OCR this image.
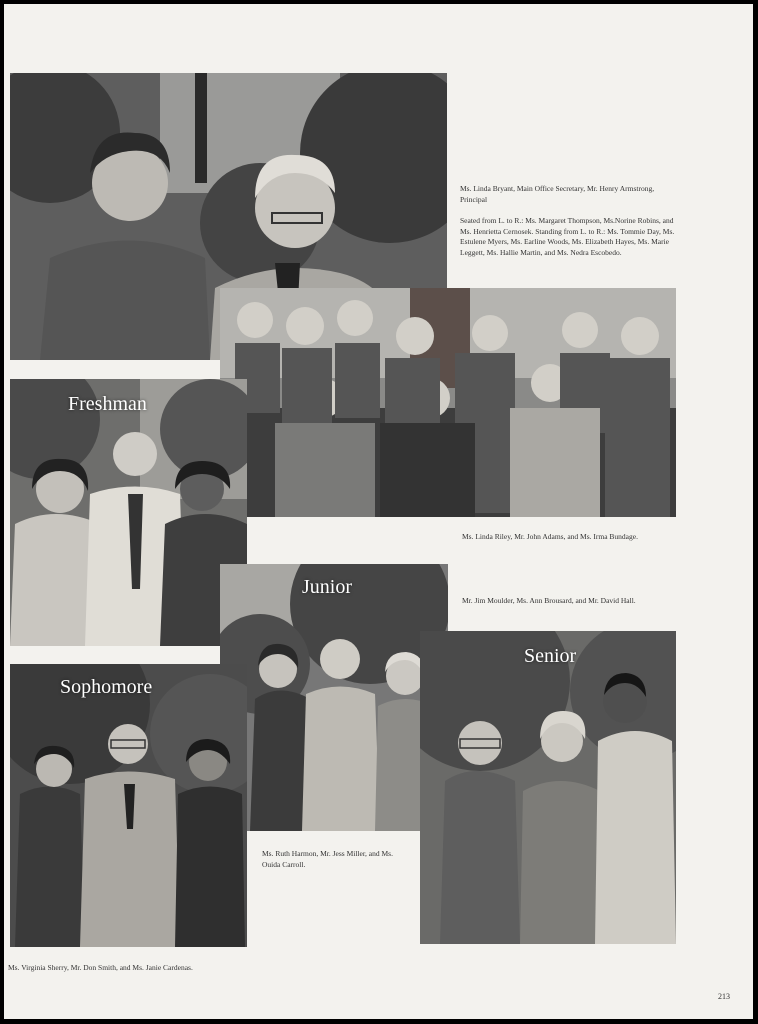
Freshman
Junior
Sophomore
Senior
Ms. Linda Bryant, Main Office Secretary, Mr. Henry Armstrong, Principal
Seated from L. to R.: Ms. Margaret Thompson, Ms.Norine Robins, and Ms. Henrietta Cernosek. Standing from L. to R.: Ms. Tommie Day, Ms. Estulene Myers, Ms. Earline Woods, Ms. Elizabeth Hayes, Ms. Marie Leggett, Ms. Hallie Martin, and Ms. Nedra Escobedo.
Ms. Linda Riley, Mr. John Adams, and Ms. Irma Bundage.
Mr. Jim Moulder, Ms. Ann Brousard, and Mr. David Hall.
Ms. Ruth Harmon, Mr. Jess Miller, and Ms. Ouida Carroll.
Ms. Virginia Sherry, Mr. Don Smith, and Ms. Janie Cardenas.
213
